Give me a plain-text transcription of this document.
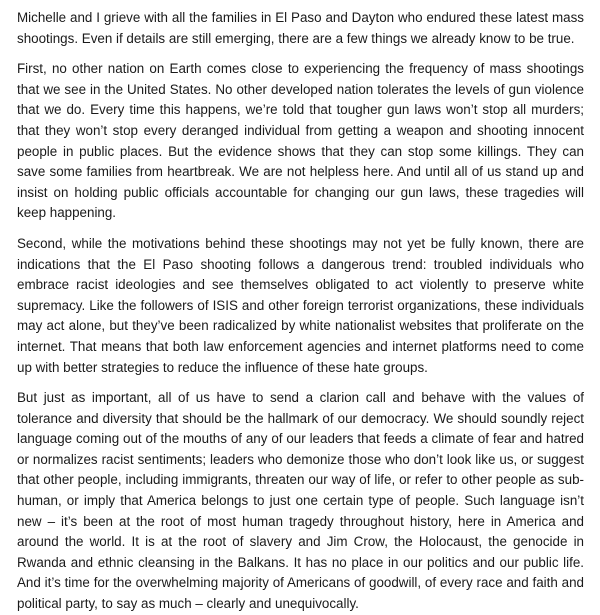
Michelle and I grieve with all the families in El Paso and Dayton who endured these latest mass shootings. Even if details are still emerging, there are a few things we already know to be true.

First, no other nation on Earth comes close to experiencing the frequency of mass shootings that we see in the United States. No other developed nation tolerates the levels of gun violence that we do. Every time this happens, we’re told that tougher gun laws won’t stop all murders; that they won’t stop every deranged individual from getting a weapon and shooting innocent people in public places. But the evidence shows that they can stop some killings. They can save some families from heartbreak. We are not helpless here. And until all of us stand up and insist on holding public officials accountable for changing our gun laws, these tragedies will keep happening.

Second, while the motivations behind these shootings may not yet be fully known, there are indications that the El Paso shooting follows a dangerous trend: troubled individuals who embrace racist ideologies and see themselves obligated to act violently to preserve white supremacy. Like the followers of ISIS and other foreign terrorist organizations, these individuals may act alone, but they’ve been radicalized by white nationalist websites that proliferate on the internet. That means that both law enforcement agencies and internet platforms need to come up with better strategies to reduce the influence of these hate groups.

But just as important, all of us have to send a clarion call and behave with the values of tolerance and diversity that should be the hallmark of our democracy. We should soundly reject language coming out of the mouths of any of our leaders that feeds a climate of fear and hatred or normalizes racist sentiments; leaders who demonize those who don’t look like us, or suggest that other people, including immigrants, threaten our way of life, or refer to other people as sub-human, or imply that America belongs to just one certain type of people. Such language isn’t new – it’s been at the root of most human tragedy throughout history, here in America and around the world. It is at the root of slavery and Jim Crow, the Holocaust, the genocide in Rwanda and ethnic cleansing in the Balkans. It has no place in our politics and our public life. And it’s time for the overwhelming majority of Americans of goodwill, of every race and faith and political party, to say as much – clearly and unequivocally.
